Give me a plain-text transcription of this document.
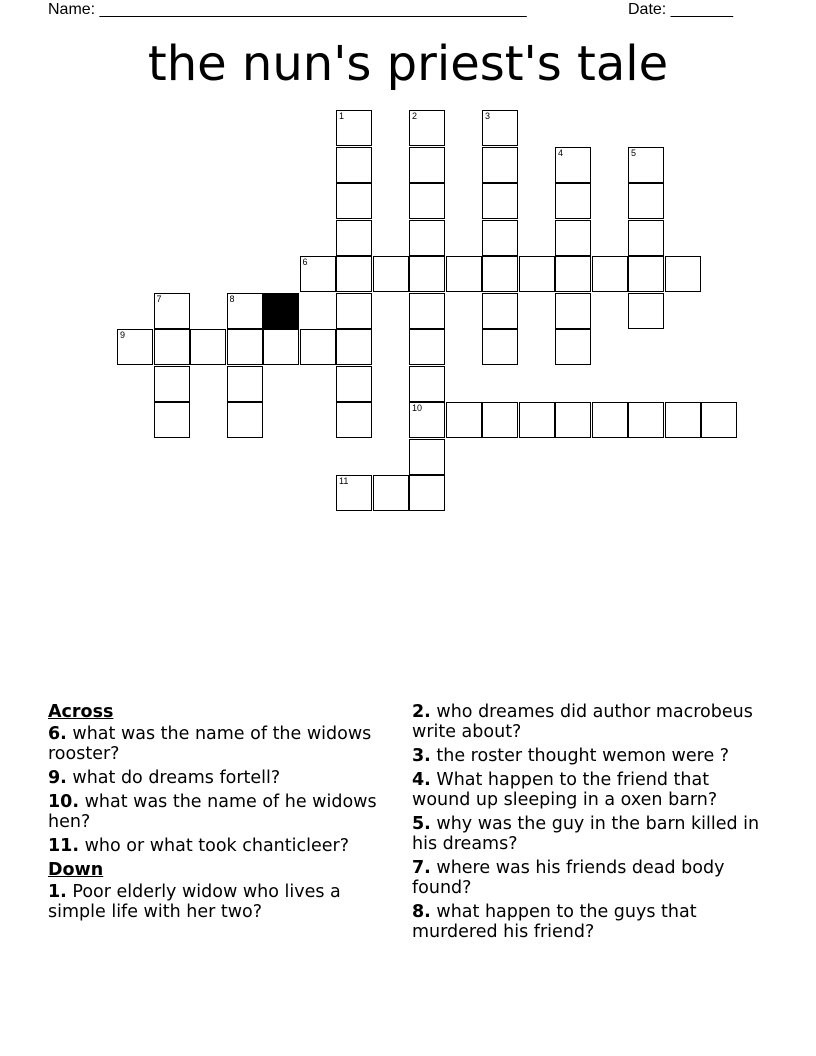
Name: ________________________________________________	Date: _______
the nun's priest's tale
1	2	3
4	5
6
7	8
9
10
11
Across
6. what was the name of the widows rooster?
9. what do dreams fortell?
10. what was the name of he widows hen?
11. who or what took chanticleer?
Down
1. Poor elderly widow who lives a simple life with her two?
2. who dreames did author macrobeus write about?
3. the roster thought wemon were ?
4. What happen to the friend that wound up sleeping in a oxen barn?
5. why was the guy in the barn killed in his dreams?
7. where was his friends dead body found?
8. what happen to the guys that murdered his friend?
